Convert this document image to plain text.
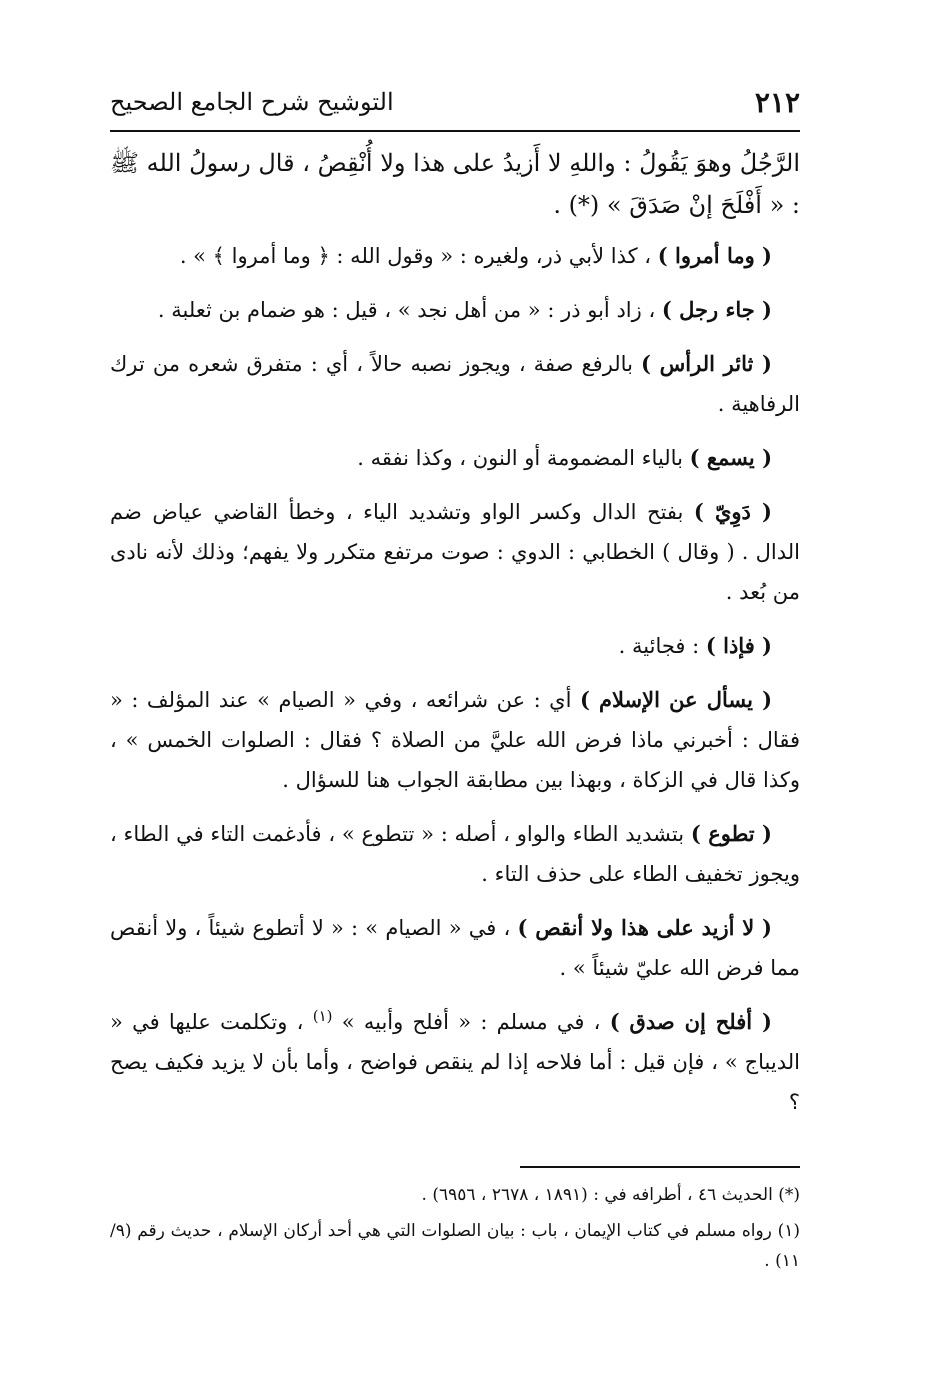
٢١٢
التوشيح شرح الجامع الصحيح

الرَّجُلُ وهوَ يَقُولُ : واللهِ لا أَزيدُ على هذا ولا أُنْقِصُ ، قال رسولُ الله ﷺ : « أَفْلَحَ إنْ صَدَقَ » (*) .

( وما أمروا ) ، كذا لأبي ذر، ولغيره : « وقول الله : ﴿ وما أمروا ﴾ » .

( جاء رجل ) ، زاد أبو ذر : « من أهل نجد » ، قيل : هو ضمام بن ثعلبة .

( ثائر الرأس ) بالرفع صفة ، ويجوز نصبه حالاً ، أي : متفرق شعره من ترك الرفاهية .

( يسمع ) بالياء المضمومة أو النون ، وكذا نفقه .

( دَوِيّ ) بفتح الدال وكسر الواو وتشديد الياء ، وخطأ القاضي عياض ضم الدال . ( وقال ) الخطابي : الدوي : صوت مرتفع متكرر ولا يفهم؛ وذلك لأنه نادى من بُعد .

( فإذا ) : فجائية .

( يسأل عن الإسلام ) أي : عن شرائعه ، وفي « الصيام » عند المؤلف : « فقال : أخبرني ماذا فرض الله عليَّ من الصلاة ؟ فقال : الصلوات الخمس » ، وكذا قال في الزكاة ، وبهذا بين مطابقة الجواب هنا للسؤال .

( تطوع ) بتشديد الطاء والواو ، أصله : « تتطوع » ، فأدغمت التاء في الطاء ، ويجوز تخفيف الطاء على حذف التاء .

( لا أزيد على هذا ولا أنقص ) ، في « الصيام » : « لا أتطوع شيئاً ، ولا أنقص مما فرض الله عليّ شيئاً » .

( أفلح إن صدق ) ، في مسلم : « أفلح وأبيه » $^{(١)}$ ، وتكلمت عليها في « الديباج » ، فإن قيل : أما فلاحه إذا لم ينقص فواضح ، وأما بأن لا يزيد فكيف يصح ؟

(*) الحديث ٤٦ ، أطرافه في : (١٨٩١ ، ٢٦٧٨ ، ٦٩٥٦) .

(١) رواه مسلم في كتاب الإيمان ، باب : بيان الصلوات التي هي أحد أركان الإسلام ، حديث رقم (٩/ ١١) .
